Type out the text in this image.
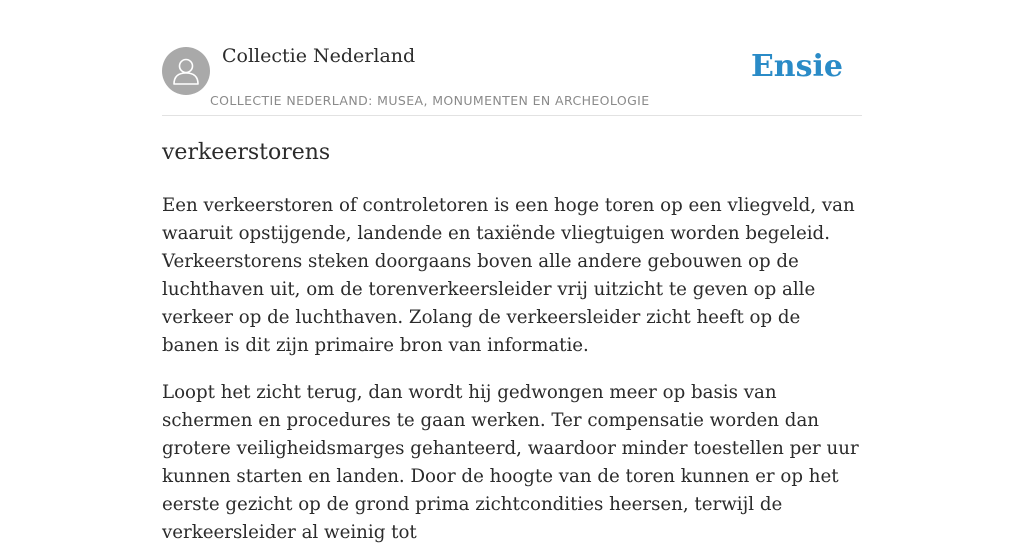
Collectie Nederland
COLLECTIE NEDERLAND: MUSEA, MONUMENTEN EN ARCHEOLOGIE
Ensie
verkeerstorens

Een verkeerstoren of controletoren is een hoge toren op een vliegveld, van waaruit opstijgende, landende en taxiënde vliegtuigen worden begeleid. Verkeerstorens steken doorgaans boven alle andere gebouwen op de luchthaven uit, om de torenverkeersleider vrij uitzicht te geven op alle verkeer op de luchthaven. Zolang de verkeersleider zicht heeft op de banen is dit zijn primaire bron van informatie.

Loopt het zicht terug, dan wordt hij gedwongen meer op basis van schermen en procedures te gaan werken. Ter compensatie worden dan grotere veiligheidsmarges gehanteerd, waardoor minder toestellen per uur kunnen starten en landen. Door de hoogte van de toren kunnen er op het eerste gezicht op de grond prima zichtcondities heersen, terwijl de verkeersleider al weinig tot
